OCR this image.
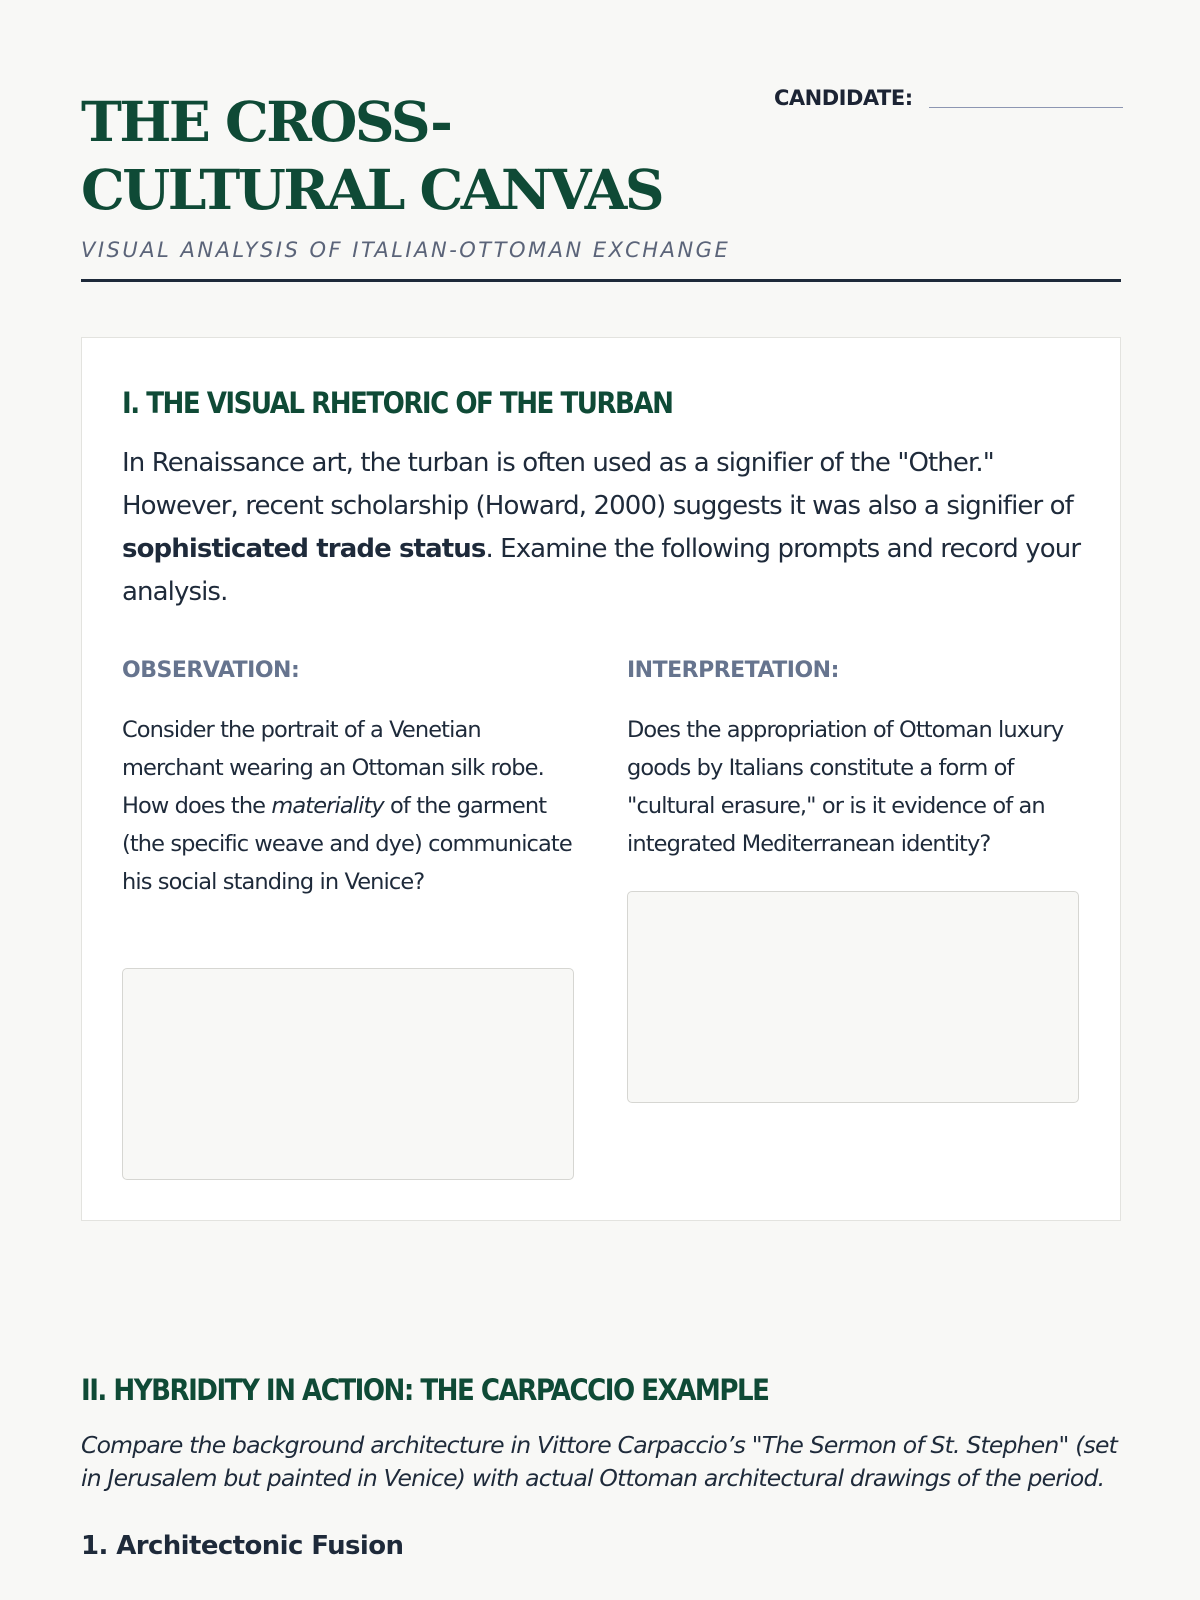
THE CROSS-CULTURAL CANVAS
VISUAL ANALYSIS OF ITALIAN-OTTOMAN EXCHANGE
CANDIDATE:
I. THE VISUAL RHETORIC OF THE TURBAN

In Renaissance art, the turban is often used as a signifier of the "Other." However, recent scholarship (Howard, 2000) suggests it was also a signifier of sophisticated trade status. Examine the following prompts and record your analysis.

OBSERVATION:

Consider the portrait of a Venetian merchant wearing an Ottoman silk robe. How does the materiality of the garment (the specific weave and dye) communicate his social standing in Venice?

INTERPRETATION:

Does the appropriation of Ottoman luxury goods by Italians constitute a form of "cultural erasure," or is it evidence of an integrated Mediterranean identity?

II. HYBRIDITY IN ACTION: THE CARPACCIO EXAMPLE

Compare the background architecture in Vittore Carpaccio’s "The Sermon of St. Stephen" (set in Jerusalem but painted in Venice) with actual Ottoman architectural drawings of the period.

1. Architectonic Fusion
